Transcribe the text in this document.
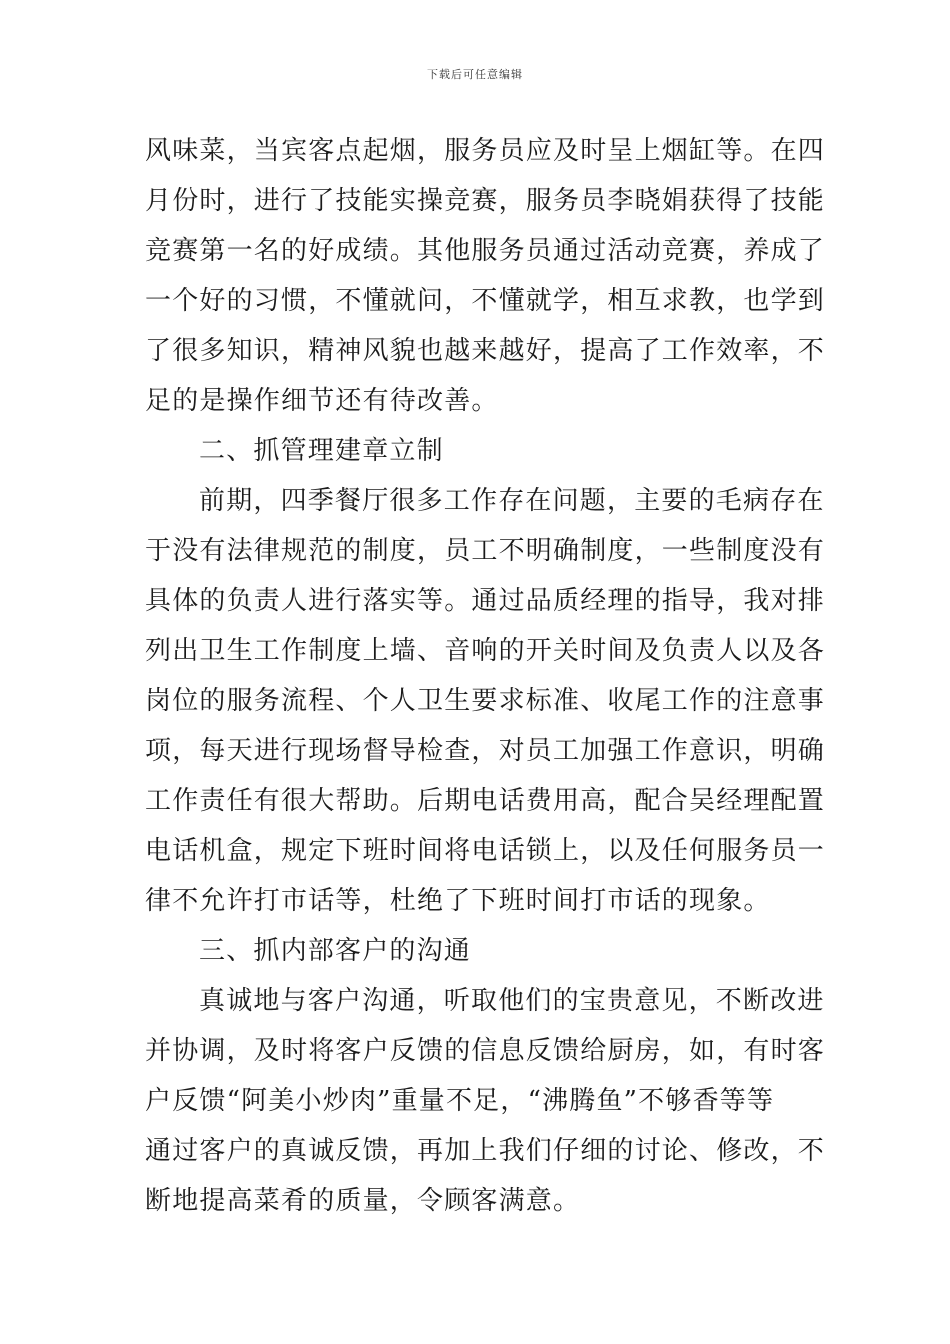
下载后可任意编辑
风味菜，当宾客点起烟，服务员应及时呈上烟缸等。在四
月份时，进行了技能实操竞赛，服务员李晓娟获得了技能
竞赛第一名的好成绩。其他服务员通过活动竞赛，养成了
一个好的习惯，不懂就问，不懂就学，相互求教，也学到
了很多知识，精神风貌也越来越好，提高了工作效率，不
足的是操作细节还有待改善。
二、抓管理建章立制
前期，四季餐厅很多工作存在问题，主要的毛病存在
于没有法律规范的制度，员工不明确制度，一些制度没有
具体的负责人进行落实等。通过品质经理的指导，我对排
列出卫生工作制度上墙、音响的开关时间及负责人以及各
岗位的服务流程、个人卫生要求标准、收尾工作的注意事
项，每天进行现场督导检查，对员工加强工作意识，明确
工作责任有很大帮助。后期电话费用高，配合吴经理配置
电话机盒，规定下班时间将电话锁上，以及任何服务员一
律不允许打市话等，杜绝了下班时间打市话的现象。
三、抓内部客户的沟通
真诚地与客户沟通，听取他们的宝贵意见，不断改进
并协调，及时将客户反馈的信息反馈给厨房，如，有时客
户反馈“阿美小炒肉”重量不足，“沸腾鱼”不够香等等
通过客户的真诚反馈，再加上我们仔细的讨论、修改，不
断地提高菜肴的质量，令顾客满意。
